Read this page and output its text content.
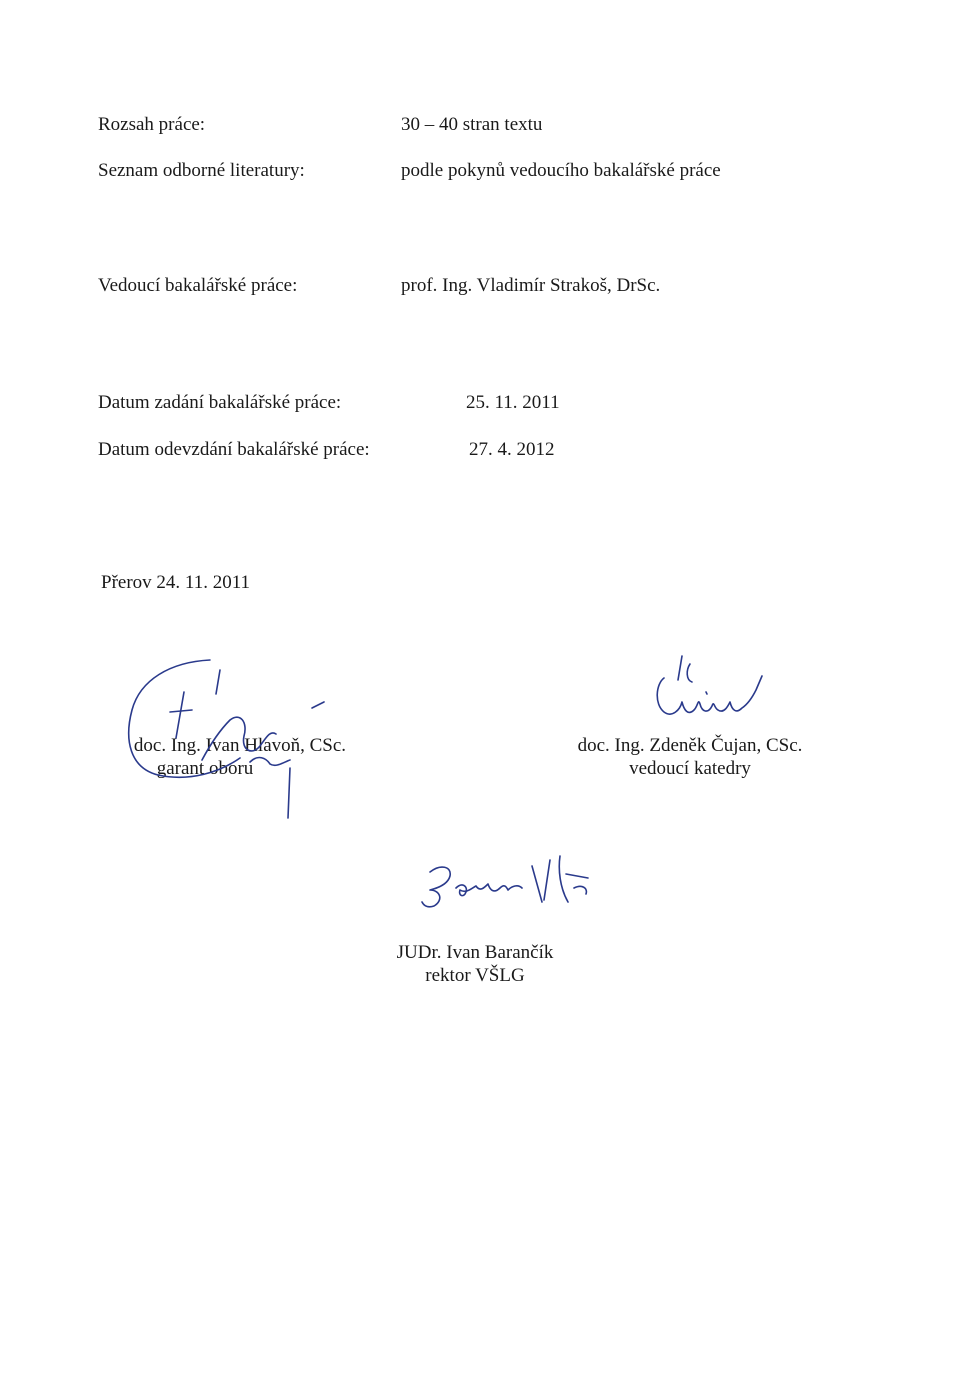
Rozsah práce:	30 – 40 stran textu
Seznam odborné literatury:	podle pokynů vedoucího bakalářské práce
Vedoucí bakalářské práce:	prof. Ing. Vladimír Strakoš, DrSc.
Datum zadání bakalářské práce:	25. 11. 2011
Datum odevzdání bakalářské práce:	27. 4. 2012
Přerov 24. 11. 2011
doc. Ing. Ivan Hlavoň, CSc.
garant oboru
doc. Ing. Zdeněk Čujan, CSc.
vedoucí katedry
JUDr. Ivan Barančík
rektor VŠLG
